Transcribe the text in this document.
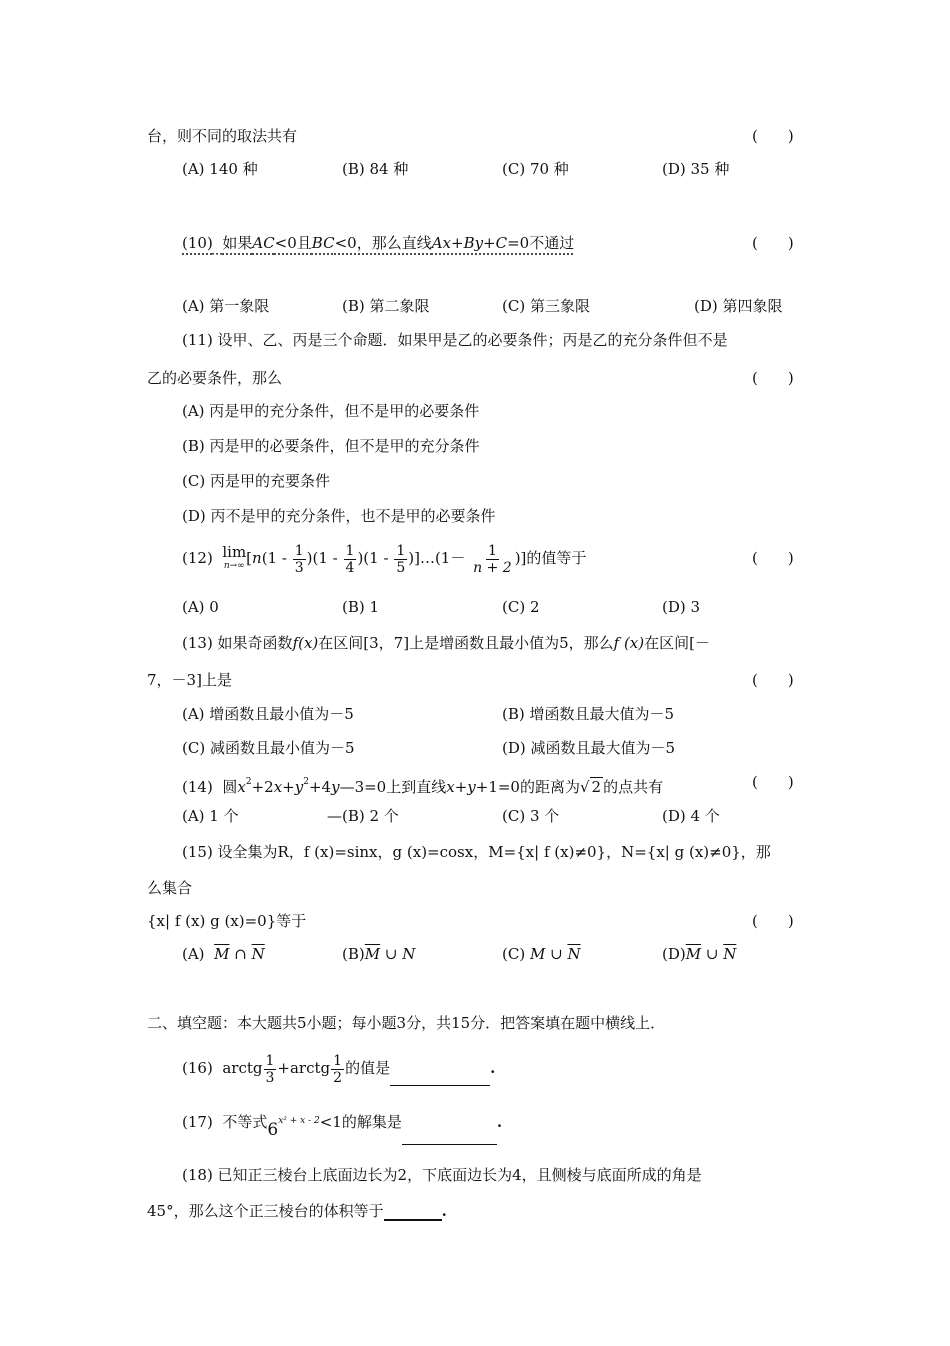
台，则不同的取法共有	(　　)
(A) 140 种	(B) 84 种	(C) 70 种	(D) 35 种
(10) 如果AC<0且BC<0，那么直线Ax+By+C=0不通过	(　　)
(A) 第一象限	(B) 第二象限	(C) 第三象限	(D) 第四象限
(11) 设甲、乙、丙是三个命题．如果甲是乙的必要条件；丙是乙的充分条件但不是
乙的必要条件，那么	(　　)
(A) 丙是甲的充分条件，但不是甲的必要条件
(B) 丙是甲的必要条件，但不是甲的充分条件
(C) 丙是甲的充要条件
(D) 丙不是甲的充分条件，也不是甲的必要条件
(12) lim
n→∞ [$n(1 - \frac{1}{3} )(1 - \frac{1}{4} )(1 - \frac{1}{5}$ )]…(1－ $\frac{1}{n + 2}$ )]的值等于	(　　)
(A) 0	(B) 1	(C) 2	(D) 3
(13) 如果奇函数f(x)在区间[3，7]上是增函数且最小值为5，那么f (x)在区间[－
7，－3]上是	(　　)
(A) 增函数且最小值为－5	(B) 增函数且最大值为－5
(C) 减函数且最小值为－5	(D) 减函数且最大值为－5
(14) 圆$x^2+2x+y^2+4y—3=0$上到直线x+y+1=0的距离为√ 2 的点共有	(　　)
(A) 1 个	—(B) 2 个	(C) 3 个	(D) 4 个
(15) 设全集为R，f (x)=sinx，g (x)=cosx，M={x| f (x)≠0}，N={x| g (x)≠0}，那
么集合
{x| f (x) g (x)=0}等于	(　　)
(A) $\overline{M}$ ∩ $\overline{N}$	$(B)\overline{M}$ ∪ N	(C) M ∪ $\overline{N}$	$(D)\overline{M}$ ∪ $\overline{N}$
二、填空题：本大题共5小题；每小题3分，共15分．把答案填在题中横线上．
(16) arctg $\frac{1}{3}$ +arctg $\frac{1}{2}$ 的值是	.
(17) 不等式$6^{x^2 + x - 2}<1$的解集是	.
(18) 已知正三棱台上底面边长为2，下底面边长为4，且侧棱与底面所成的角是
45°，那么这个正三棱台的体积等于	.
